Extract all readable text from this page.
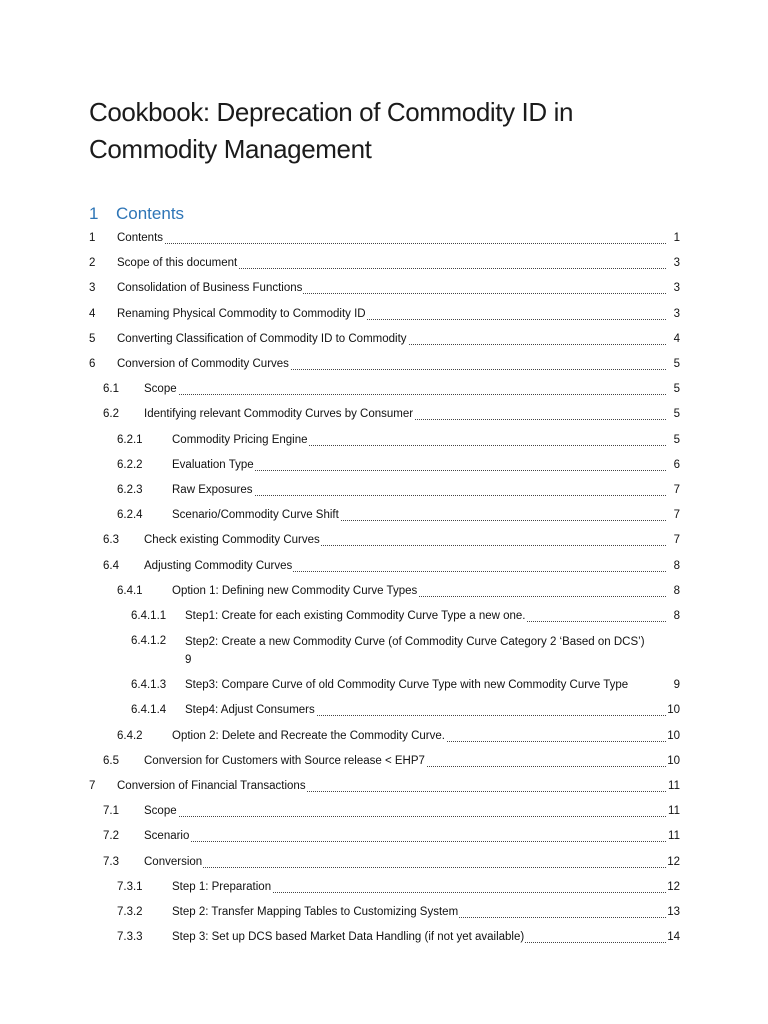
Cookbook: Deprecation of Commodity ID in
Commodity Management
1	Contents
1 Contents	1
2 Scope of this document	3
3 Consolidation of Business Functions	3
4 Renaming Physical Commodity to Commodity ID	3
5 Converting Classification of Commodity ID to Commodity	4
6 Conversion of Commodity Curves	5
6.1 Scope	5
6.2 Identifying relevant Commodity Curves by Consumer	5
6.2.1	Commodity Pricing Engine	5
6.2.2	Evaluation Type	6
6.2.3	Raw Exposures	7
6.2.4	Scenario/Commodity Curve Shift	7
6.3 Check existing Commodity Curves	7
6.4 Adjusting Commodity Curves	8
6.4.1	Option 1: Defining new Commodity Curve Types	8
6.4.1.1 Step1: Create for each existing Commodity Curve Type a new one.	8
6.4.1.2 Step2: Create a new Commodity Curve (of Commodity Curve Category 2 ‘Based on DCS’)
9
6.4.1.3 Step3: Compare Curve of old Commodity Curve Type with new Commodity Curve Type	9
6.4.1.4 Step4: Adjust Consumers	10
6.4.2	Option 2: Delete and Recreate the Commodity Curve.	10
6.5 Conversion for Customers with Source release < EHP7	10
7 Conversion of Financial Transactions	11
7.1 Scope	11
7.2 Scenario	11
7.3 Conversion	12
7.3.1	Step 1: Preparation	12
7.3.2	Step 2: Transfer Mapping Tables to Customizing System	13
7.3.3	Step 3: Set up DCS based Market Data Handling (if not yet available)	14
